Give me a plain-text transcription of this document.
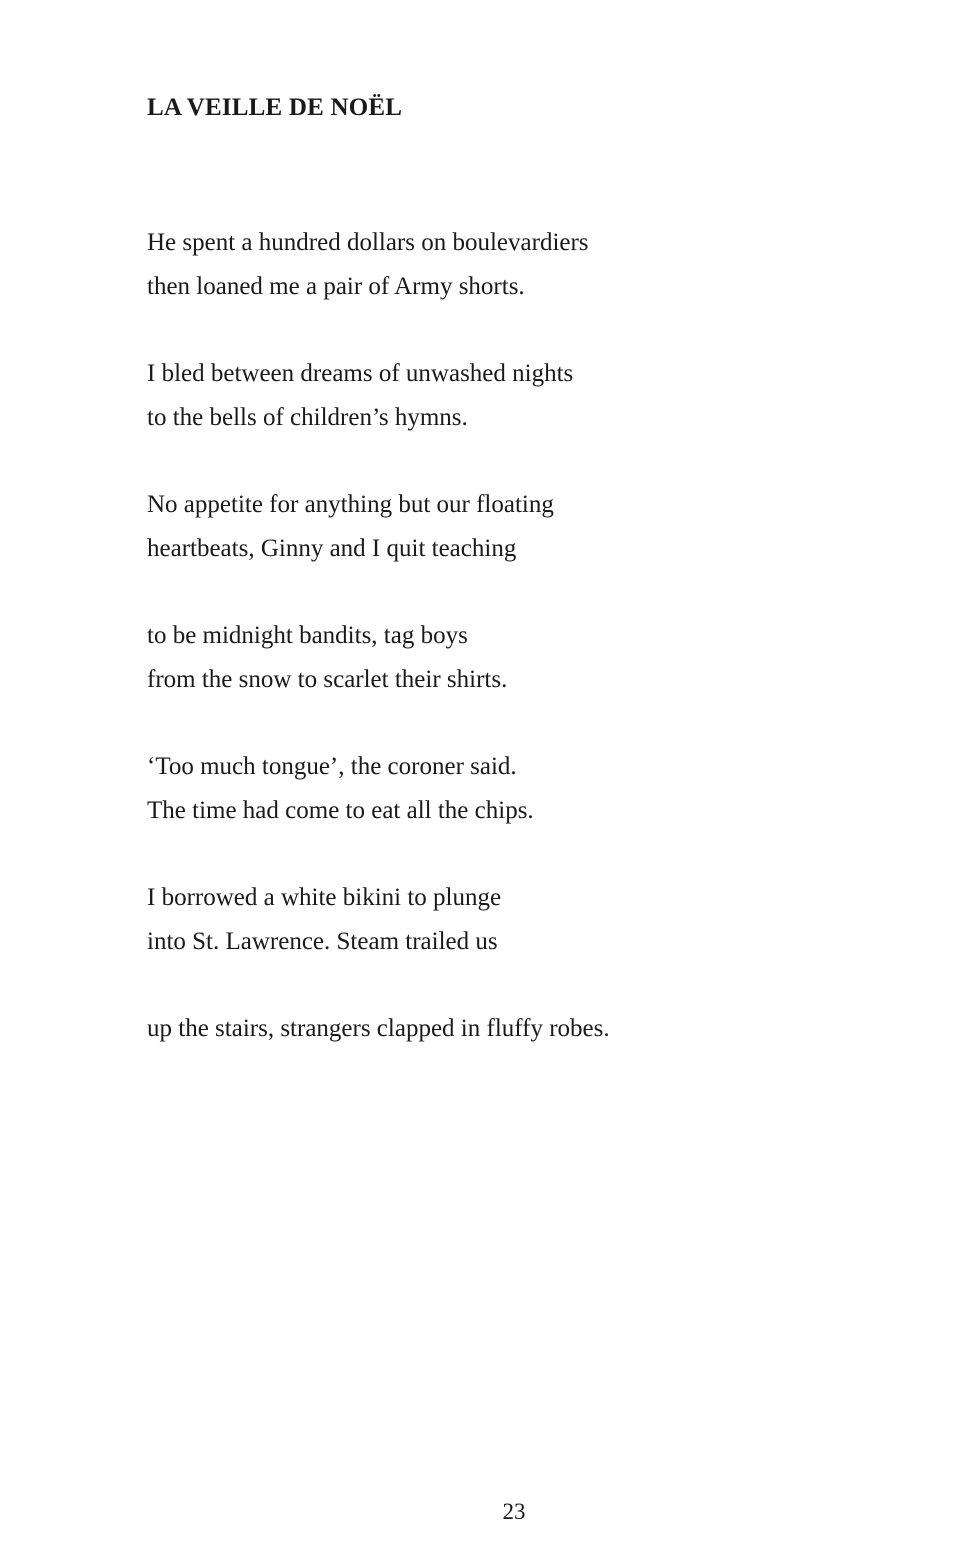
LA VEILLE DE NOËL
He spent a hundred dollars on boulevardiers
then loaned me a pair of Army shorts.
I bled between dreams of unwashed nights
to the bells of children’s hymns.
No appetite for anything but our floating
heartbeats, Ginny and I quit teaching
to be midnight bandits, tag boys
from the snow to scarlet their shirts.
‘Too much tongue’, the coroner said.
The time had come to eat all the chips.
I borrowed a white bikini to plunge
into St. Lawrence. Steam trailed us
up the stairs, strangers clapped in fluffy robes.
23
